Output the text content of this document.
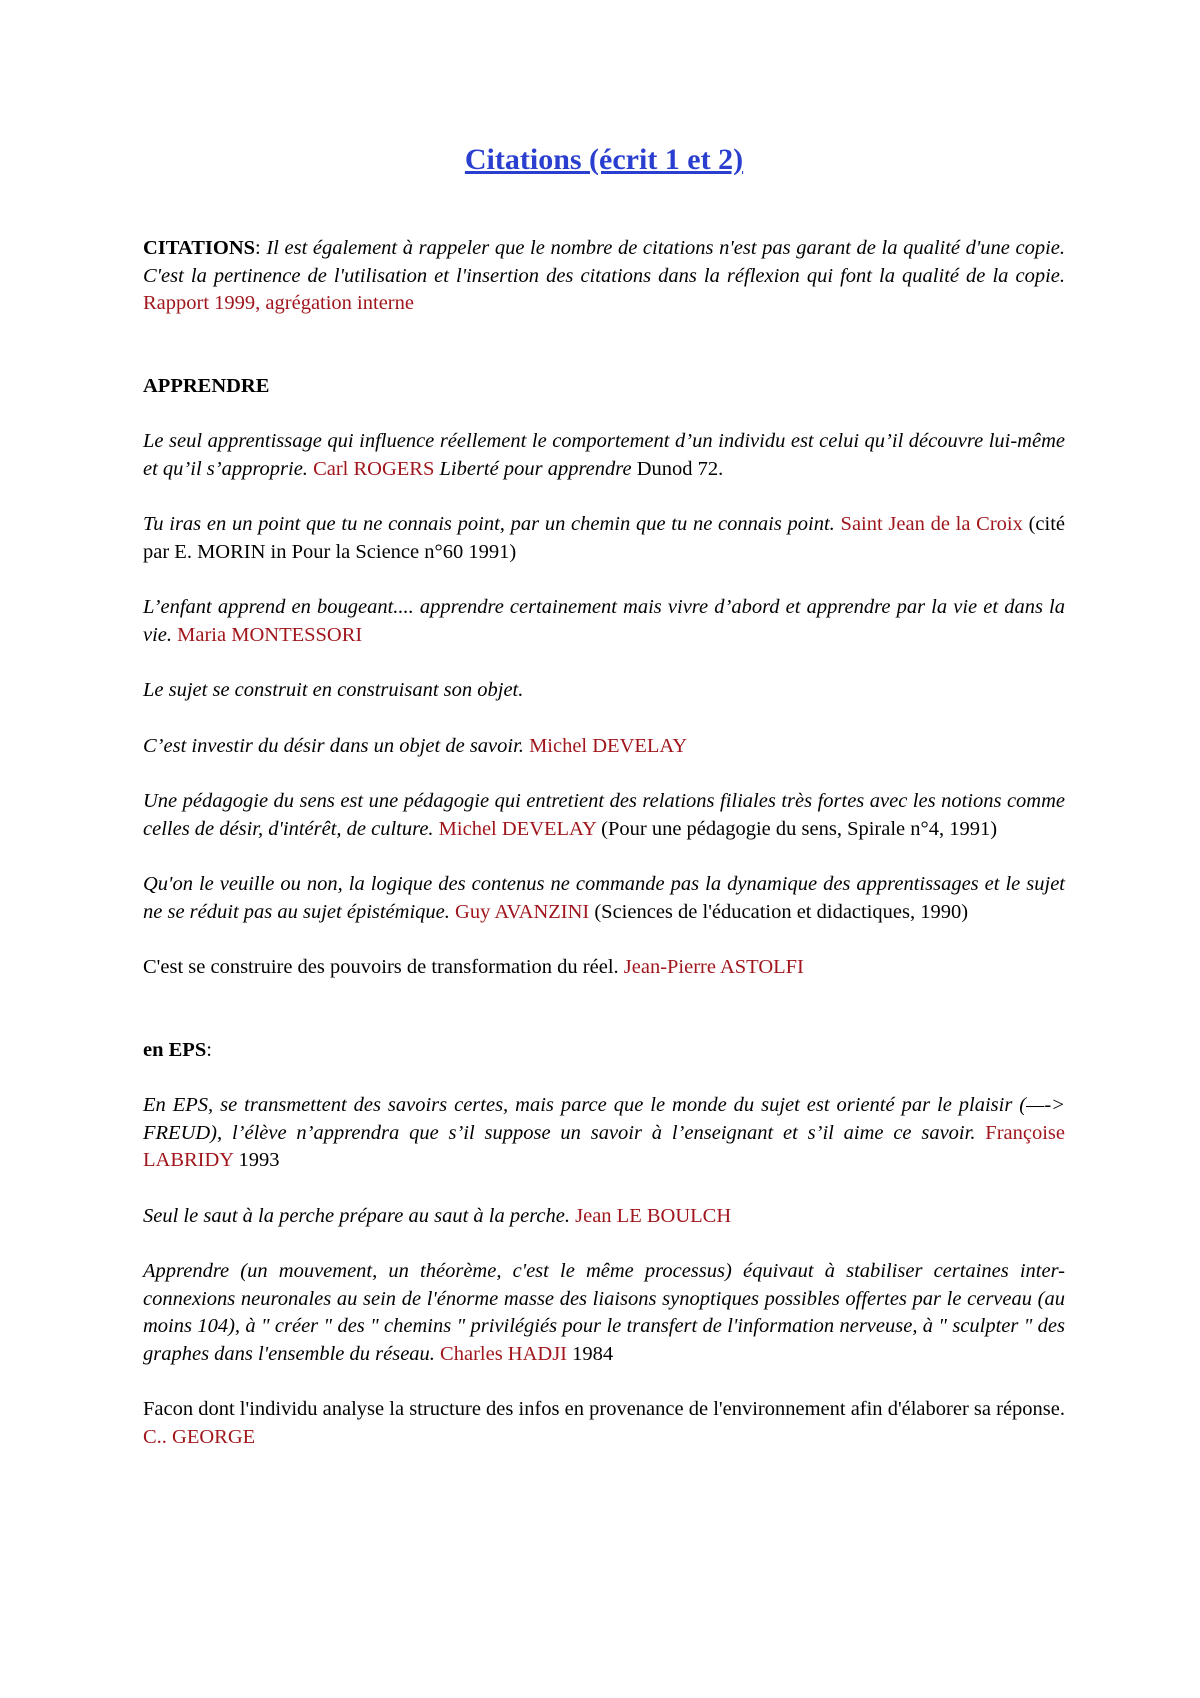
Citations (écrit 1 et 2)

CITATIONS: Il est également à rappeler que le nombre de citations n'est pas garant de la qualité d'une copie. C'est la pertinence de l'utilisation et l'insertion des citations dans la réflexion qui font la qualité de la copie. Rapport 1999, agrégation interne

APPRENDRE

Le seul apprentissage qui influence réellement le comportement d’un individu est celui qu’il découvre lui-même et qu’il s’approprie. Carl ROGERS Liberté pour apprendre Dunod 72.

Tu iras en un point que tu ne connais point, par un chemin que tu ne connais point. Saint Jean de la Croix (cité par E. MORIN in Pour la Science n°60 1991)

L’enfant apprend en bougeant.... apprendre certainement mais vivre d’abord et apprendre par la vie et dans la vie. Maria MONTESSORI

Le sujet se construit en construisant son objet.

C’est investir du désir dans un objet de savoir. Michel DEVELAY

Une pédagogie du sens est une pédagogie qui entretient des relations filiales très fortes avec les notions comme celles de désir, d'intérêt, de culture. Michel DEVELAY (Pour une pédagogie du sens, Spirale n°4, 1991)

Qu'on le veuille ou non, la logique des contenus ne commande pas la dynamique des apprentissages et le sujet ne se réduit pas au sujet épistémique. Guy AVANZINI (Sciences de l'éducation et didactiques, 1990)

C'est se construire des pouvoirs de transformation du réel. Jean-Pierre ASTOLFI

en EPS:

En EPS, se transmettent des savoirs certes, mais parce que le monde du sujet est orienté par le plaisir (—-> FREUD), l’élève n’apprendra que s’il suppose un savoir à l’enseignant et s’il aime ce savoir. Françoise LABRIDY 1993

Seul le saut à la perche prépare au saut à la perche. Jean LE BOULCH

Apprendre (un mouvement, un théorème, c'est le même processus) équivaut à stabiliser certaines inter-connexions neuronales au sein de l'énorme masse des liaisons synoptiques possibles offertes par le cerveau (au moins 104), à " créer " des " chemins " privilégiés pour le transfert de l'information nerveuse, à " sculpter " des graphes dans l'ensemble du réseau. Charles HADJI 1984

Facon dont l'individu analyse la structure des infos en provenance de l'environnement afin d'élaborer sa réponse. C.. GEORGE
